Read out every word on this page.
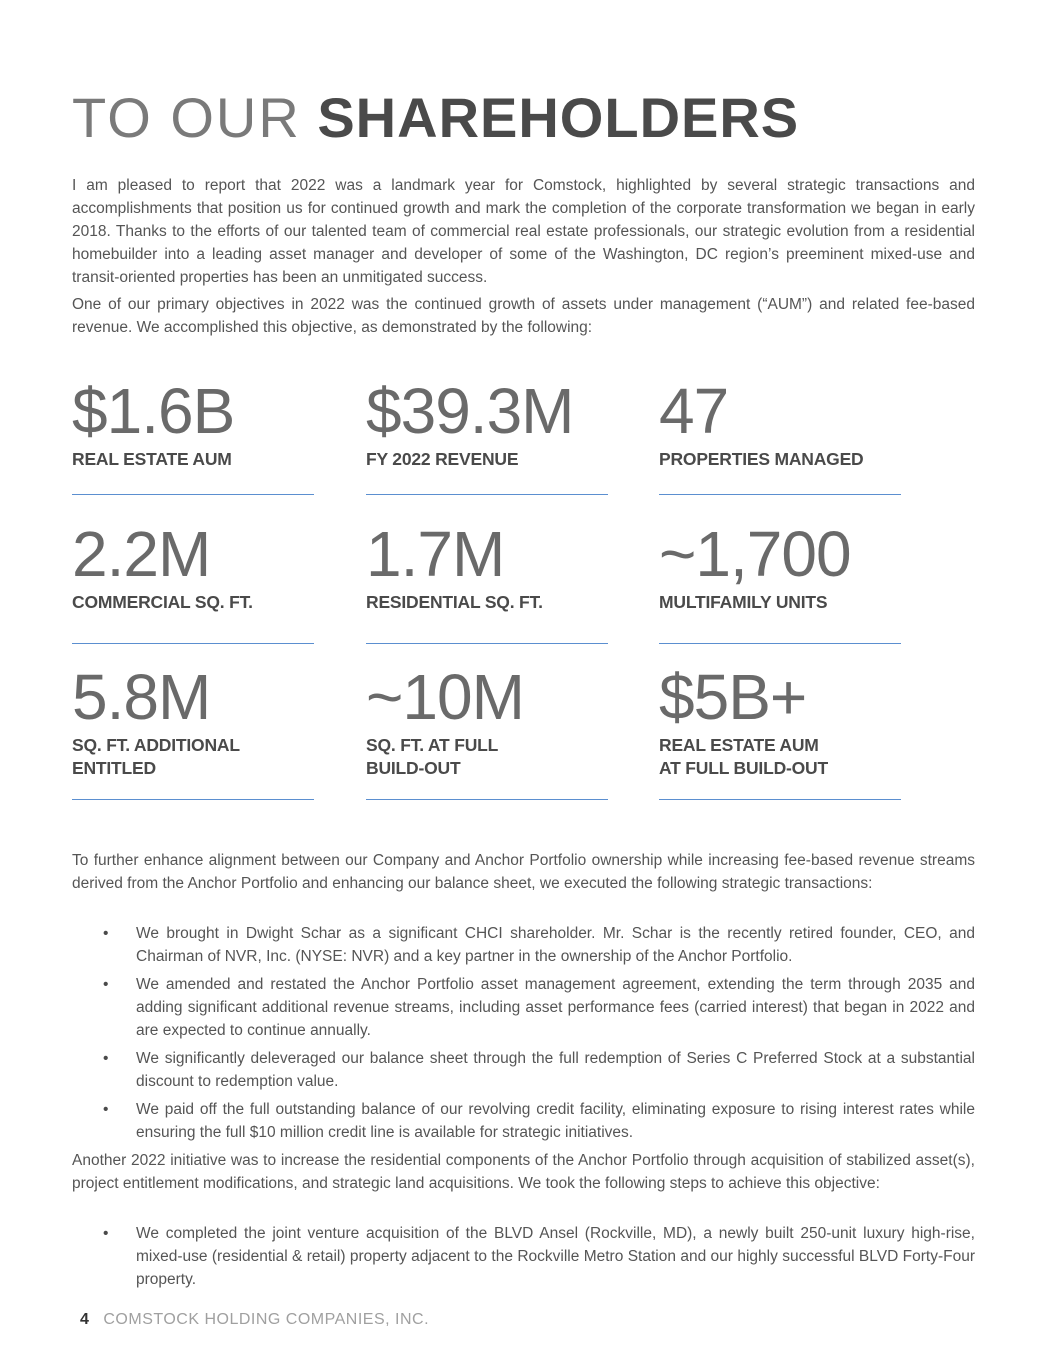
TO OUR SHAREHOLDERS

I am pleased to report that 2022 was a landmark year for Comstock, highlighted by several strategic transactions and accomplishments that position us for continued growth and mark the completion of the corporate transformation we began in early 2018. Thanks to the efforts of our talented team of commercial real estate professionals, our strategic evolution from a residential homebuilder into a leading asset manager and developer of some of the Washington, DC region’s preeminent mixed-use and transit-oriented properties has been an unmitigated success.

One of our primary objectives in 2022 was the continued growth of assets under management (“AUM”) and related fee-based revenue. We accomplished this objective, as demonstrated by the following:

$1.6B
REAL ESTATE AUM
$39.3M
FY 2022 REVENUE
47
PROPERTIES MANAGED
2.2M
COMMERCIAL SQ. FT.
1.7M
RESIDENTIAL SQ. FT.
~1,700
MULTIFAMILY UNITS
5.8M
SQ. FT. ADDITIONAL
ENTITLED
~10M
SQ. FT. AT FULL
BUILD-OUT
$5B+
REAL ESTATE AUM
AT FULL BUILD-OUT

To further enhance alignment between our Company and Anchor Portfolio ownership while increasing fee-based revenue streams derived from the Anchor Portfolio and enhancing our balance sheet, we executed the following strategic transactions:

• We brought in Dwight Schar as a significant CHCI shareholder. Mr. Schar is the recently retired founder, CEO, and Chairman of NVR, Inc. (NYSE: NVR) and a key partner in the ownership of the Anchor Portfolio.
• We amended and restated the Anchor Portfolio asset management agreement, extending the term through 2035 and adding significant additional revenue streams, including asset performance fees (carried interest) that began in 2022 and are expected to continue annually.
• We significantly deleveraged our balance sheet through the full redemption of Series C Preferred Stock at a substantial discount to redemption value.
• We paid off the full outstanding balance of our revolving credit facility, eliminating exposure to rising interest rates while ensuring the full $10 million credit line is available for strategic initiatives.

Another 2022 initiative was to increase the residential components of the Anchor Portfolio through acquisition of stabilized asset(s), project entitlement modifications, and strategic land acquisitions. We took the following steps to achieve this objective:

• We completed the joint venture acquisition of the BLVD Ansel (Rockville, MD), a newly built 250-unit luxury high-rise, mixed-use (residential & retail) property adjacent to the Rockville Metro Station and our highly successful BLVD Forty-Four property.
4 COMSTOCK HOLDING COMPANIES, INC.
